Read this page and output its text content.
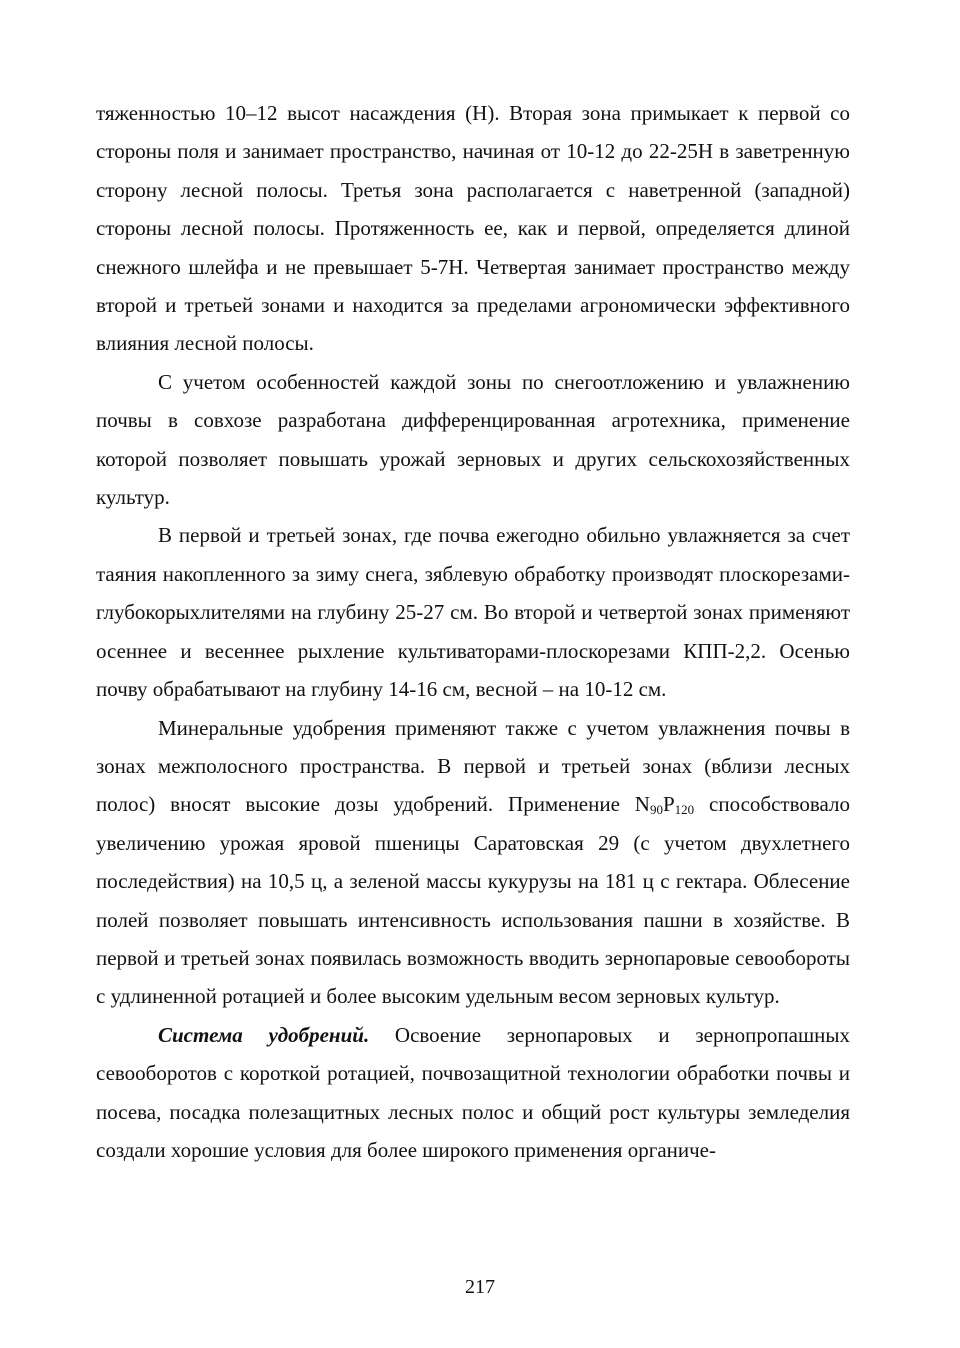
тяженностью 10–12 высот насаждения (Н). Вторая зона примыкает к первой со стороны поля и занимает пространство, начиная от 10-12 до 22-25Н в заветренную сторону лесной полосы. Третья зона располагается с наветренной (западной) стороны лесной полосы. Протяженность ее, как и первой, определяется длиной снежного шлейфа и не превышает 5-7Н. Четвертая занимает пространство между второй и третьей зонами и находится за пределами агрономически эффективного влияния лесной полосы.

С учетом особенностей каждой зоны по снегоотложению и увлажнению почвы в совхозе разработана дифференцированная агротехника, применение которой позволяет повышать урожай зерновых и других сельскохозяйственных культур.

В первой и третьей зонах, где почва ежегодно обильно увлажняется за счет таяния накопленного за зиму снега, зяблевую обработку производят плоскорезами-глубокорыхлителями на глубину 25-27 см. Во второй и четвертой зонах применяют осеннее и весеннее рыхление культиваторами-плоскорезами КПП-2,2. Осенью почву обрабатывают на глубину 14-16 см, весной – на 10-12 см.

Минеральные удобрения применяют также с учетом увлажнения почвы в зонах межполосного пространства. В первой и третьей зонах (вблизи лесных полос) вносят высокие дозы удобрений. Применение $N_{90}P_{120}$ способствовало увеличению урожая яровой пшеницы Саратовская 29 (с учетом двухлетнего последействия) на 10,5 ц, а зеленой массы кукурузы на 181 ц с гектара. Облесение полей позволяет повышать интенсивность использования пашни в хозяйстве. В первой и третьей зонах появилась возможность вводить зернопаровые севообороты с удлиненной ротацией и более высоким удельным весом зерновых культур.

Система удобрений. Освоение зернопаровых и зернопропашных севооборотов с короткой ротацией, почвозащитной технологии обработки почвы и посева, посадка полезащитных лесных полос и общий рост культуры земледелия создали хорошие условия для более широкого применения органиче-

217
